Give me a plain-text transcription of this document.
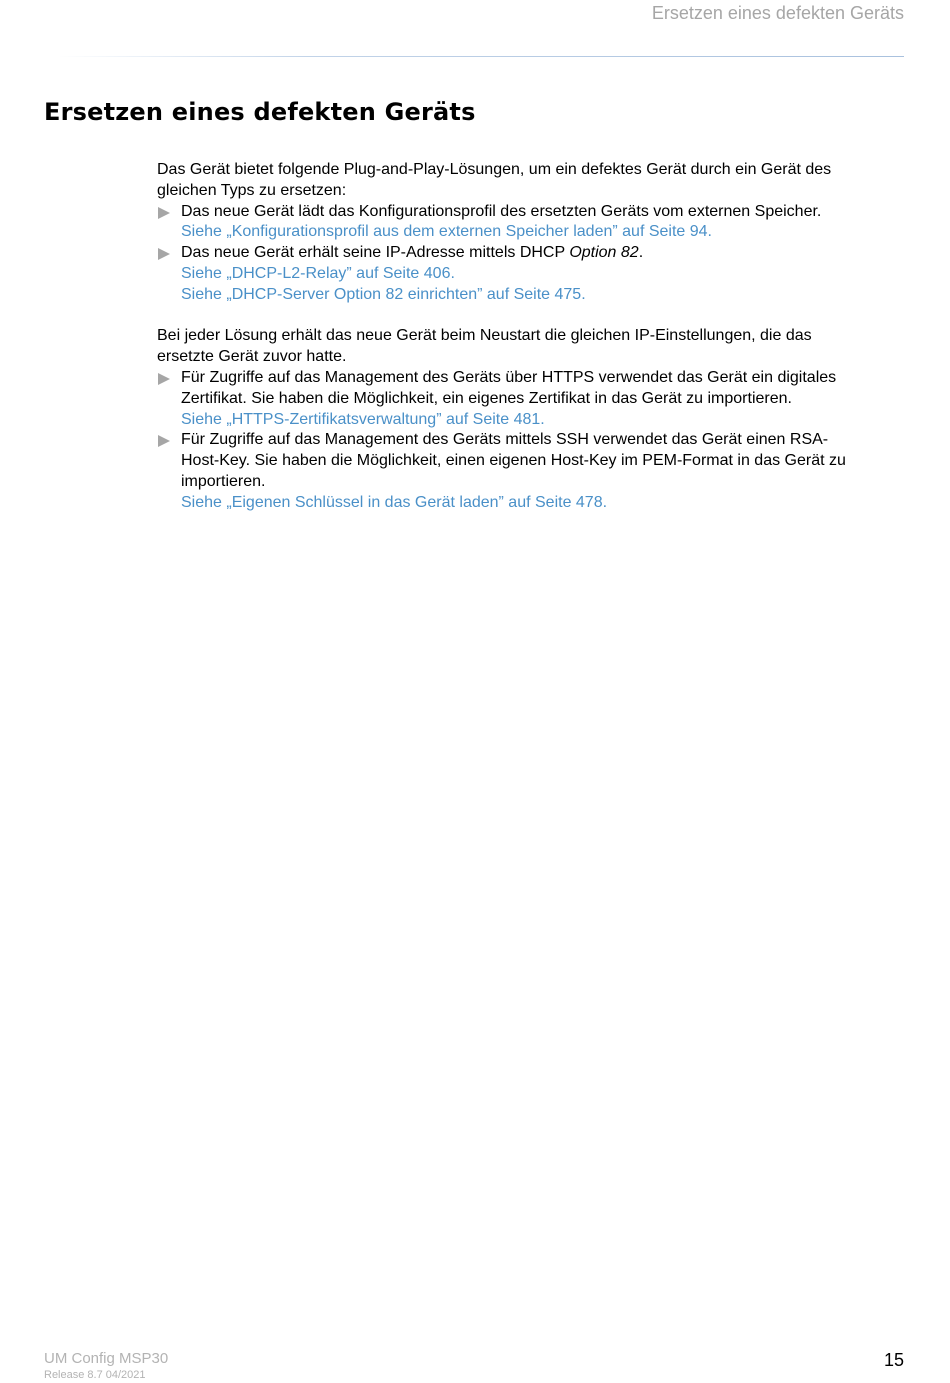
Ersetzen eines defekten Geräts
Ersetzen eines defekten Geräts

Das Gerät bietet folgende Plug-and-Play-Lösungen, um ein defektes Gerät durch ein Gerät des
gleichen Typs zu ersetzen:

Das neue Gerät lädt das Konfigurationsprofil des ersetzten Geräts vom externen Speicher.
Siehe „Konfigurationsprofil aus dem externen Speicher laden” auf Seite 94.
Das neue Gerät erhält seine IP-Adresse mittels DHCP Option 82.
Siehe „DHCP-L2-Relay” auf Seite 406.
Siehe „DHCP-Server Option 82 einrichten” auf Seite 475.

Bei jeder Lösung erhält das neue Gerät beim Neustart die gleichen IP-Einstellungen, die das
ersetzte Gerät zuvor hatte.

Für Zugriffe auf das Management des Geräts über HTTPS verwendet das Gerät ein digitales
Zertifikat. Sie haben die Möglichkeit, ein eigenes Zertifikat in das Gerät zu importieren.
Siehe „HTTPS-Zertifikatsverwaltung” auf Seite 481.
Für Zugriffe auf das Management des Geräts mittels SSH verwendet das Gerät einen RSA-
Host-Key. Sie haben die Möglichkeit, einen eigenen Host-Key im PEM-Format in das Gerät zu
importieren.
Siehe „Eigenen Schlüssel in das Gerät laden” auf Seite 478.
UM Config MSP30
Release 8.7 04/2021
15
